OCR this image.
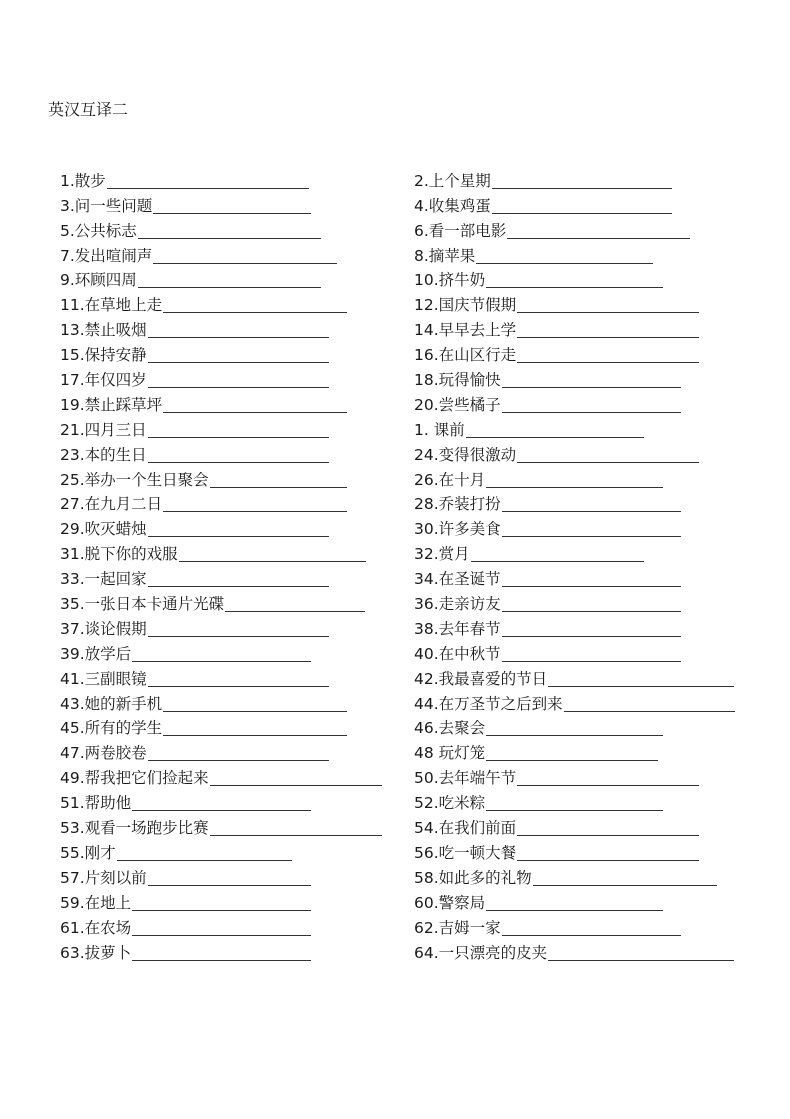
英汉互译二
1.散步
3.问一些问题
5.公共标志
7.发出喧闹声
9.环顾四周
11.在草地上走
13.禁止吸烟
15.保持安静
17.年仅四岁
19.禁止踩草坪
21.四月三日
23.本的生日
25.举办一个生日聚会
27.在九月二日
29.吹灭蜡烛
31.脱下你的戏服
33.一起回家
35.一张日本卡通片光碟
37.谈论假期
39.放学后
41.三副眼镜
43.她的新手机
45.所有的学生
47.两卷胶卷
49.帮我把它们捡起来
51.帮助他
53.观看一场跑步比赛
55.刚才
57.片刻以前
59.在地上
61.在农场
63.拔萝卜
2.上个星期
4.收集鸡蛋
6.看一部电影
8.摘苹果
10.挤牛奶
12.国庆节假期
14.早早去上学
16.在山区行走
18.玩得愉快
20.尝些橘子
1. 课前
24.变得很激动
26.在十月
28.乔装打扮
30.许多美食
32.赏月
34.在圣诞节
36.走亲访友
38.去年春节
40.在中秋节
42.我最喜爱的节日
44.在万圣节之后到来
46.去聚会
48 玩灯笼
50.去年端午节
52.吃米粽
54.在我们前面
56.吃一顿大餐
58.如此多的礼物
60.警察局
62.吉姆一家
64.一只漂亮的皮夹
